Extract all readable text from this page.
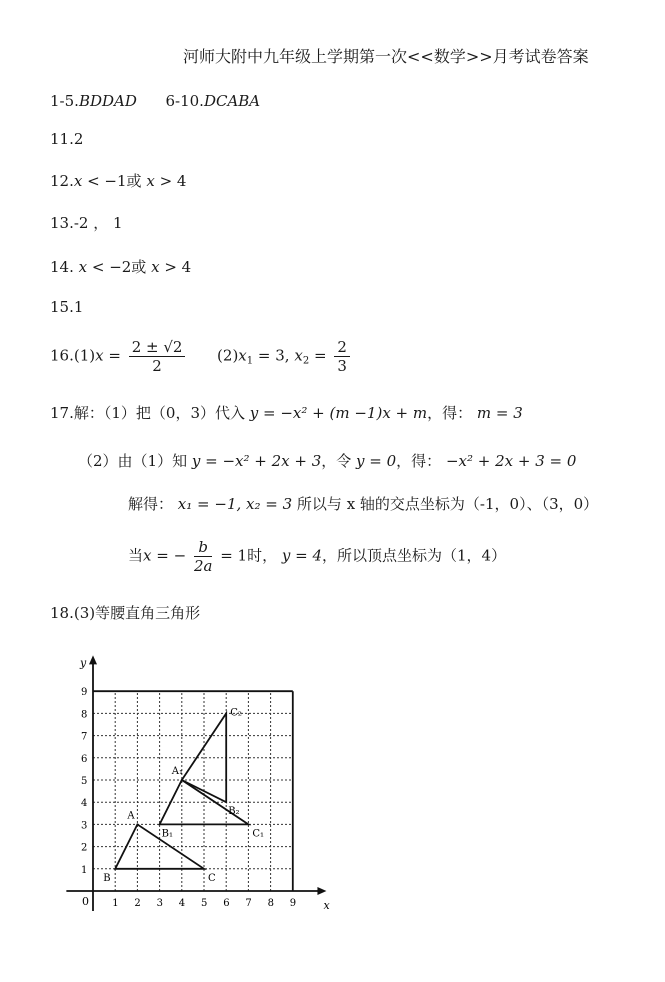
河师大附中九年级上学期第一次<<数学>>月考试卷答案
1-5.BDDAD 6-10.DCABA
11.2
12.x < −1或 x > 4
13.-2 ， 1
14. x < −2或 x > 4
15.1
$16.(1)x = \frac{2 \pm √2}{2} (2)x_1 = 3$, $x_2 = \frac{2}{3}$
17.解：（1）把（0，3）代入 y = −x² + (m −1)x + m，得： m = 3
（2）由（1）知 y = −x² + 2x + 3，令 y = 0，得： −x² + 2x + 3 = 0
解得： x₁ = −1, x₂ = 3 所以与 x 轴的交点坐标为（-1，0）、（3，0）
当x = − $\frac{b}{2a} = 1$时， y = 4，所以顶点坐标为（1，4）
18.(3)等腰直角三角形
x
y
0 1 2 3 4 5 6 7 8 9
1
2
3
4
5
6
7
8
9
A
B	C
A₁
B₁	C₁
B₂
C₂
